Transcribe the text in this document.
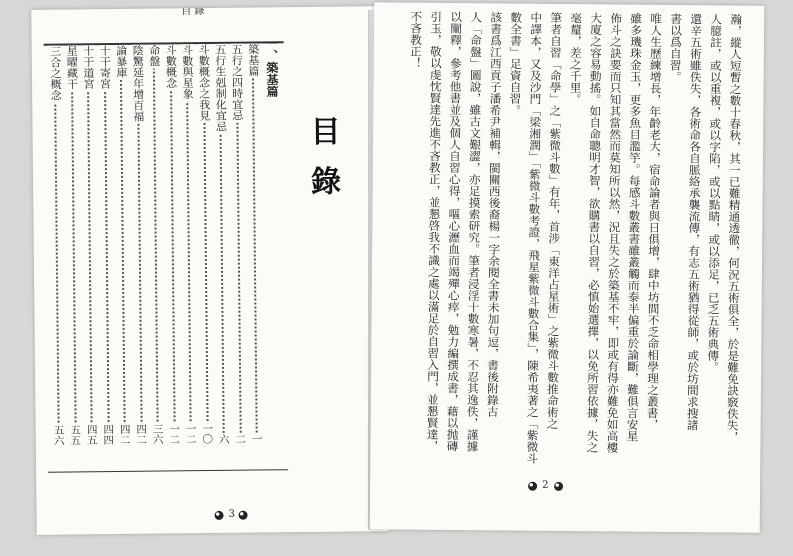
目 錄
目
錄
一、築基篇
築基篇
一
五行之四時宜忌
二
五行生剋制化宜忌
六
斗數概念之我見
一〇
斗數與星象
一二
斗數概念
一二
命盤
三六
陰驚延年增百福
四二
論暴庫
四二
十干寄宮
四四
十干道宮
四五
星曜藏干
五五
三合之概念
五六
3
瀚，縱人短暫之數十春秋，其一已難精通透徹，何況五術俱全，於是難免訣竅佚失，
人臆註，或以重複，或以字陷，或以點睛，或以添足，已乏五術典傳。
還辛五術雖佚失，各術命各自脈絡承襲流傳，有志五術猶得從師，或於坊間求搜諸
書以爲自習。
唯人生歷練增長，年齡老大，宿命論者與日俱增，肆中坊間不乏命相學理之叢書，
雖多璣珠金玉，更多魚目濫竽。每感斗數叢書雖叢觸而泰半偏重於論斷，難俱言安星
佈斗之訣要而只知其當然而莫知所以然，況且失之於築基不牢，即或有得亦難免如高樓
大廈之容易動搖。如自命聰明才智，欲購書以自習，必慎始選擇，以免所習依據，失之
毫釐，差之千里。
筆者自習「命學」之「紫微斗數」有年，首涉「東洋占星術」之紫微斗數推命術之
中譯本，又及沙門「梁湘潤」「紫微斗數考證，飛星紫微斗數合集」，陳希夷著之「紫微斗
數全書」足資自習。
該書爲江西貢子潘希尹補輯，閩關西後裔楊一字余閱全書未加句逗，書後附錄古
人「命盤」圖說，雖古文艱澀，亦足摸索研究。筆者浸淫十數寒暑，不忍其逸佚，謹據
以闡釋，參考他書並及個人自習心得，嘔心瀝血而竭殫心瘁，勉力編撰成書，藉以抛磚
引玉，敬以虔忱賢達先進不吝教正，並懇啓我不識之處以滿足於自習入門，並懇賢達，
不吝教正！
2
